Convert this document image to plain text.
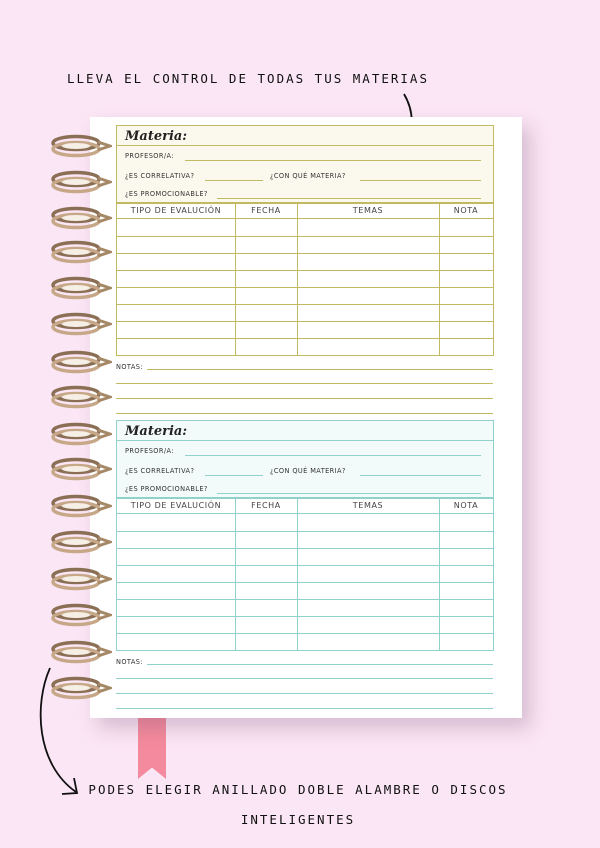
LLEVA EL CONTROL DE TODAS TUS MATERIAS
Materia:
PROFESOR/A:
¿ES CORRELATIVA?	¿CON QUÉ MATERIA?
¿ES PROMOCIONABLE?
TIPO DE EVALUCIÓN	FECHA	TEMAS	NOTA
NOTAS:
Materia:
PROFESOR/A:
¿ES CORRELATIVA?	¿CON QUÉ MATERIA?
¿ES PROMOCIONABLE?
TIPO DE EVALUCIÓN	FECHA	TEMAS	NOTA
NOTAS:
PODES ELEGIR ANILLADO DOBLE ALAMBRE O DISCOS
INTELIGENTES
